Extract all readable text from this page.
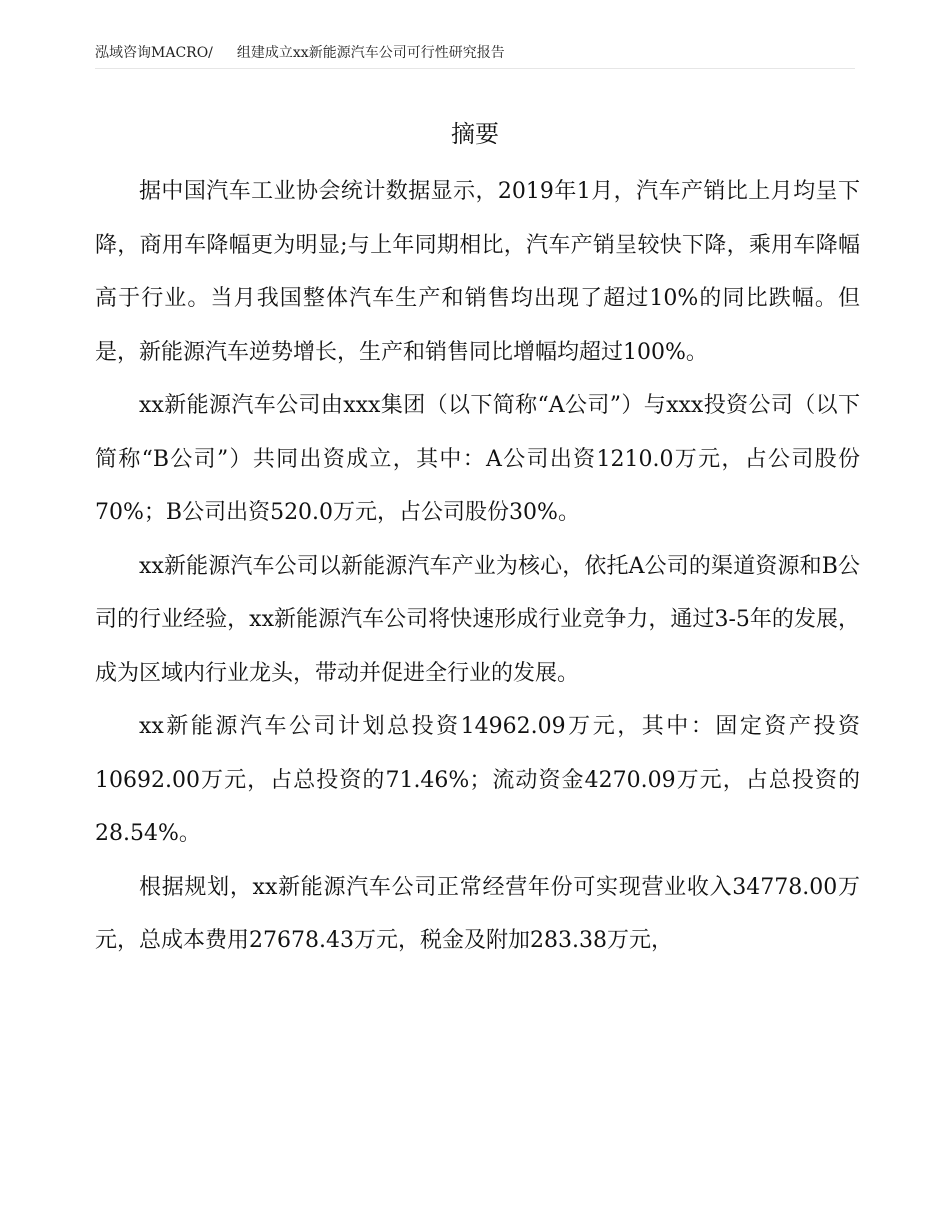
泓域咨询MACRO/ 组建成立xx新能源汽车公司可行性研究报告
摘要

据中国汽车工业协会统计数据显示，2019年1月，汽车产销比上月均呈下降，商用车降幅更为明显;与上年同期相比，汽车产销呈较快下降，乘用车降幅高于行业。当月我国整体汽车生产和销售均出现了超过10%的同比跌幅。但是，新能源汽车逆势增长，生产和销售同比增幅均超过100%。

xx新能源汽车公司由xxx集团（以下简称“A公司”）与xxx投资公司（以下简称“B公司”）共同出资成立，其中：A公司出资1210.0万元，占公司股份70%；B公司出资520.0万元，占公司股份30%。

xx新能源汽车公司以新能源汽车产业为核心，依托A公司的渠道资源和B公司的行业经验，xx新能源汽车公司将快速形成行业竞争力，通过3-5年的发展，成为区域内行业龙头，带动并促进全行业的发展。

xx新能源汽车公司计划总投资14962.09万元，其中：固定资产投资10692.00万元，占总投资的71.46%；流动资金4270.09万元，占总投资的28.54%。

根据规划，xx新能源汽车公司正常经营年份可实现营业收入34778.00万元，总成本费用27678.43万元，税金及附加283.38万元，
